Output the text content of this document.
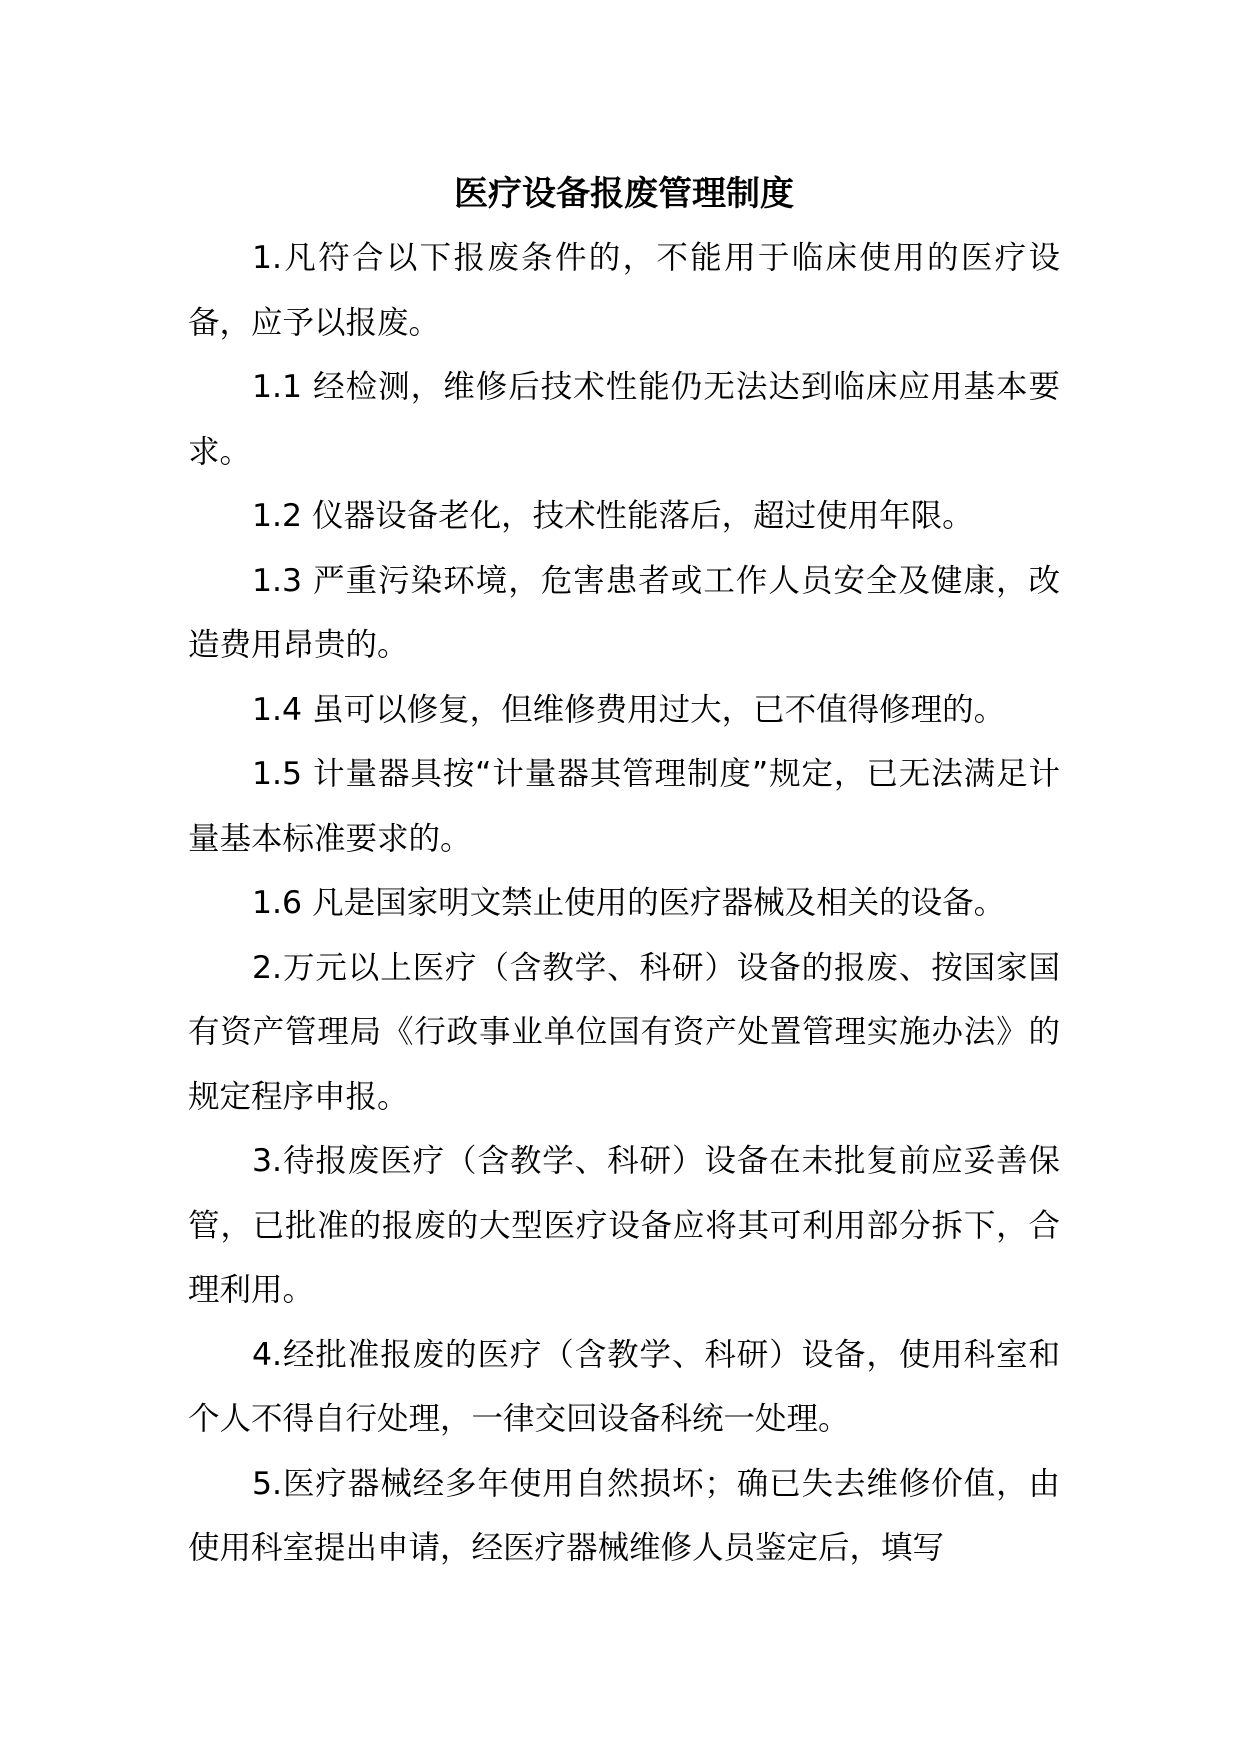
医疗设备报废管理制度

1.凡符合以下报废条件的，不能用于临床使用的医疗设备，应予以报废。

1.1 经检测，维修后技术性能仍无法达到临床应用基本要求。

1.2 仪器设备老化，技术性能落后，超过使用年限。

1.3 严重污染环境，危害患者或工作人员安全及健康，改造费用昂贵的。

1.4 虽可以修复，但维修费用过大，已不值得修理的。

1.5 计量器具按“计量器其管理制度”规定，已无法满足计量基本标准要求的。

1.6 凡是国家明文禁止使用的医疗器械及相关的设备。

2.万元以上医疗（含教学、科研）设备的报废、按国家国有资产管理局《行政事业单位国有资产处置管理实施办法》的规定程序申报。

3.待报废医疗（含教学、科研）设备在未批复前应妥善保管，已批准的报废的大型医疗设备应将其可利用部分拆下，合理利用。

4.经批准报废的医疗（含教学、科研）设备，使用科室和个人不得自行处理，一律交回设备科统一处理。

5.医疗器械经多年使用自然损坏；确已失去维修价值，由使用科室提出申请，经医疗器械维修人员鉴定后，填写
